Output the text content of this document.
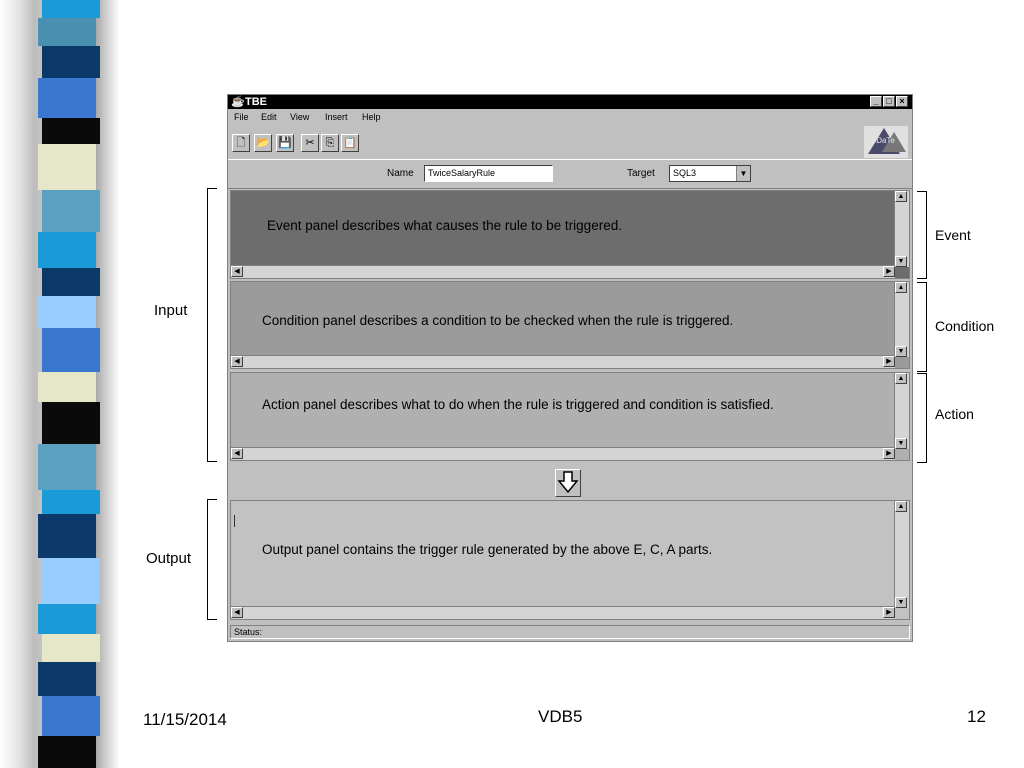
☕ TBE	_ □ ×
File Edit View Insert Help
🗋 📂 💾	✂ ⎘ 📋	CoDaTe
Name	TwiceSalaryRule	Target	SQL3	▼
Event panel describes what causes the rule to be triggered.
▲
▼
◀	▶
Condition panel describes a condition to be checked when the rule is triggered.
▲
▼
◀	▶
Action panel describes what to do when the rule is triggered and condition is satisfied.
▲
▼
◀	▶
Output panel contains the trigger rule generated by the above E, C, A parts.
▲
▼
◀	▶
Status:
Input
Output
Event
Condition
Action
11/15/2014	VDB5	12
